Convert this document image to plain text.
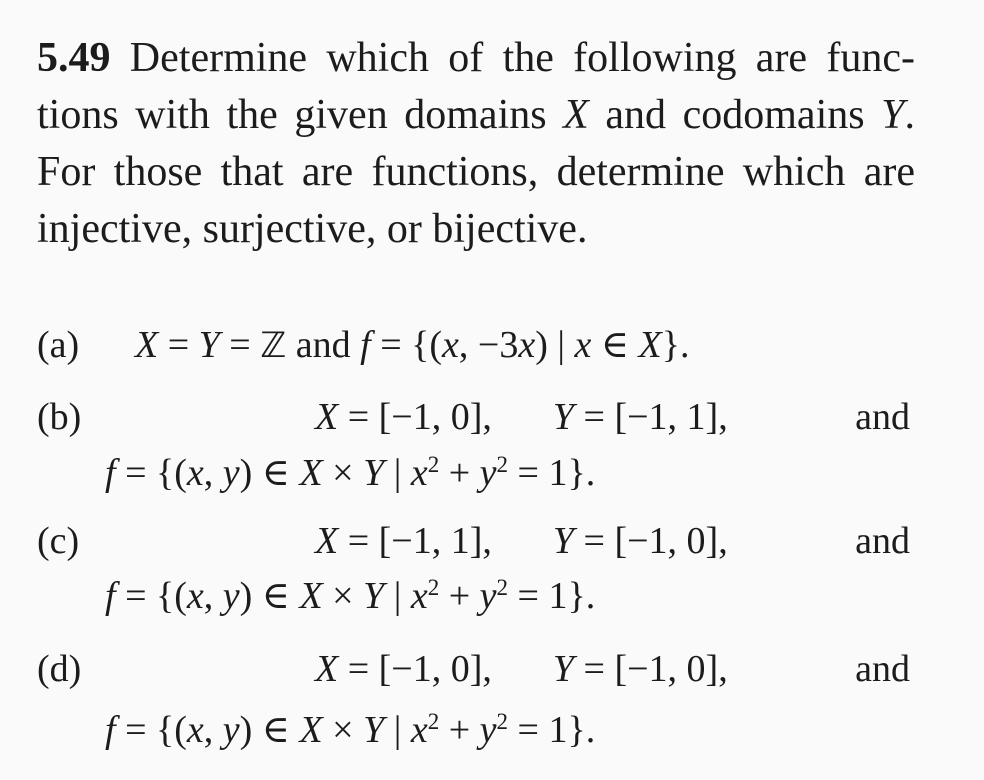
5.49 Determine which of the following are func-
tions with the given domains X and codomains Y.
For those that are functions, determine which are
injective, surjective, or bijective.
(a)	X = Y = ℤ and f = {(x, −3x) | x ∈ X}.
(b)	X = [−1, 0], Y = [−1, 1],	and
f = {(x, y) ∈ X × Y | $x^2 + y^2 = 1$}.
(c)	X = [−1, 1], Y = [−1, 0],	and
f = {(x, y) ∈ X × Y | $x^2 + y^2 = 1$}.
(d)	X = [−1, 0], Y = [−1, 0],	and
f = {(x, y) ∈ X × Y | $x^2 + y^2 = 1$}.
